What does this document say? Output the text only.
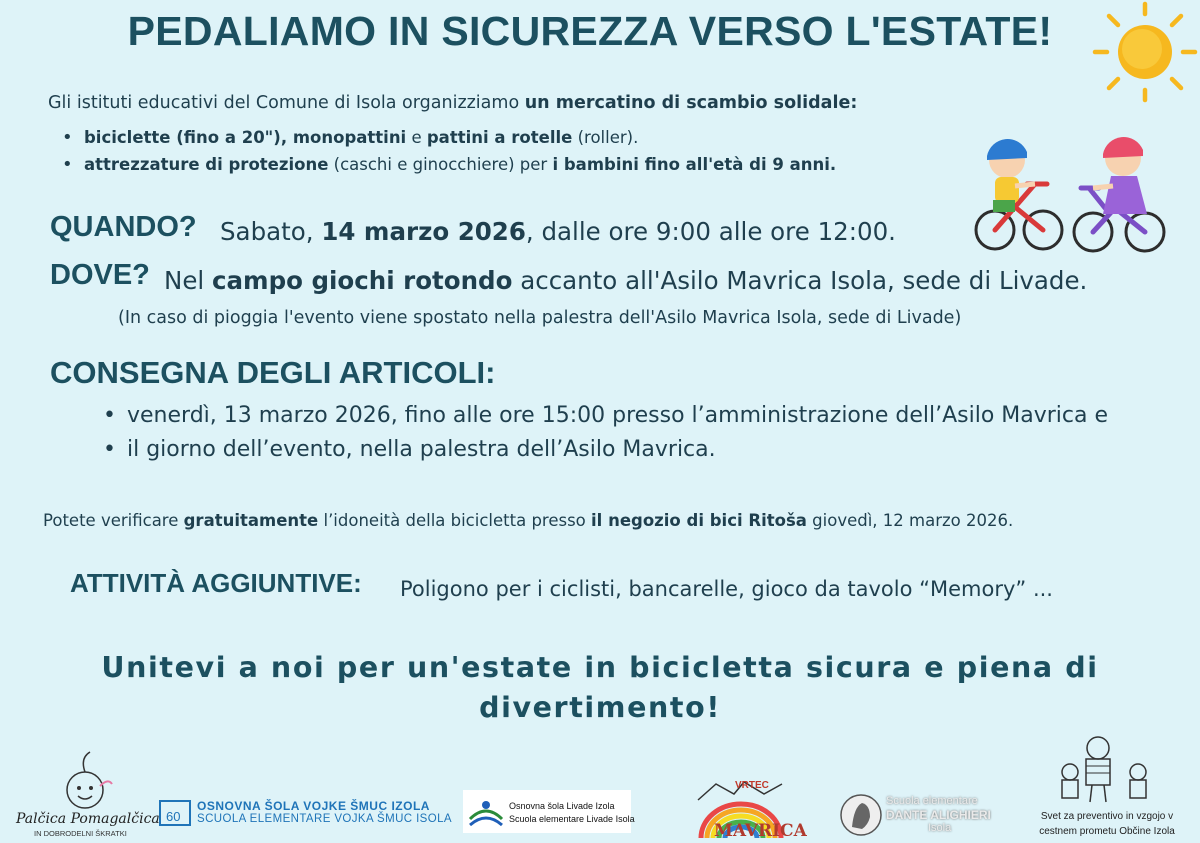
PEDALIAMO IN SICUREZZA VERSO L'ESTATE!
Gli istituti educativi del Comune di Isola organizziamo un mercatino di scambio solidale:
• biciclette (fino a 20"), monopattini e pattini a rotelle (roller).
• attrezzature di protezione (caschi e ginocchiere) per i bambini fino all'età di 9 anni.
QUANDO? Sabato, 14 marzo 2026, dalle ore 9:00 alle ore 12:00.
DOVE? Nel campo giochi rotondo accanto all'Asilo Mavrica Isola, sede di Livade.
(In caso di pioggia l'evento viene spostato nella palestra dell'Asilo Mavrica Isola, sede di Livade)
CONSEGNA DEGLI ARTICOLI:
• venerdì, 13 marzo 2026, fino alle ore 15:00 presso l’amministrazione dell’Asilo Mavrica e
• il giorno dell’evento, nella palestra dell’Asilo Mavrica.
Potete verificare gratuitamente l’idoneità della bicicletta presso il negozio di bici Ritoša giovedì, 12 marzo 2026.
ATTIVITÀ AGGIUNTIVE: Poligono per i ciclisti, bancarelle, gioco da tavolo “Memory” ...
Unitevi a noi per un'estate in bicicletta sicura e piena di
divertimento!
Palčica Pomagalčica
IN DOBRODELNI ŠKRATKI
60
OSNOVNA ŠOLA VOJKE ŠMUC IZOLA
SCUOLA ELEMENTARE VOJKA ŠMUC ISOLA
Osnovna šola Livade Izola
Scuola elementare Livade Isola
VRTEC
MAVRICA
Scuola elementare
DANTE ALIGHIERI
Isola
Svet za preventivo in vzgojo v
cestnem prometu Občine Izola
